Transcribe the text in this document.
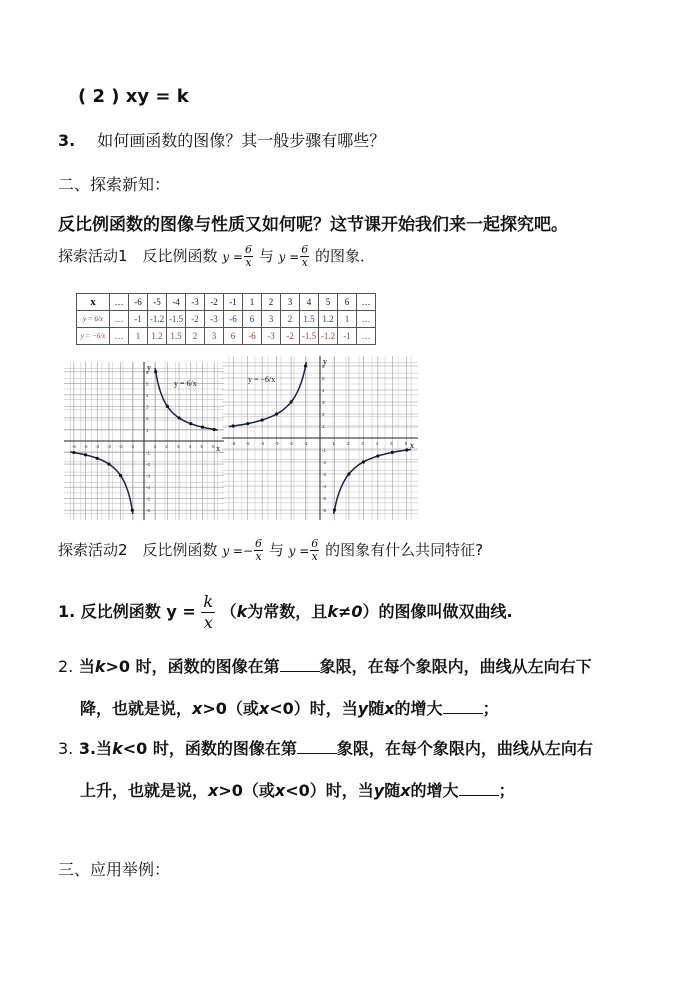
( 2 ) xy = k
3. 如何画函数的图像？其一般步骤有哪些？
二、探索新知：
反比例函数的图像与性质又如何呢？这节课开始我们来一起探究吧。
探索活动1　反比例函数 $y = \frac{6}{x}$ 与 $y = \frac{6}{x}$ 的图象．
x	…	-6	-5	-4	-3	-2	-1	1	2	3	4	5	6	…
y = 6/x	…	-1	-1.2	-1.5	-2	-3	-6	6	3	2	1.5	1.2	1	…
y = −6/x	…	1	1.2	1.5	2	3	6	-6	-3	-2	-1.5	-1.2	-1	…
x
y
-6
-6
-5
-5
-4
-4
-3
-3
-2
-2
-1
-1
1
1
2
2
3
3
4
4
5
5
6
6
y = 6/x
x
y
-6
-6
-5
-5
-4
-4
-3
-3
-2
-2
-1
-1
1
1
2
2
3
3
4
4
5
5
6
6
y = −6/x
探索活动2　反比例函数 $y =- \frac{6}{x}$ 与 $y = \frac{6}{x}$ 的图象有什么共同特征?
1. 反比例函数 $y = \frac{k}{x} (k$为常数，且k≠0）的图像叫做双曲线.
2. 当k>0 时，函数的图像在第	象限，在每个象限内，曲线从左向右下
降，也就是说，x>0（或x<0）时，当y随x的增大	；
3. 3.当k<0 时，函数的图像在第	象限，在每个象限内，曲线从左向右
上升，也就是说，x>0（或x<0）时，当y随x的增大	；
三、应用举例：
